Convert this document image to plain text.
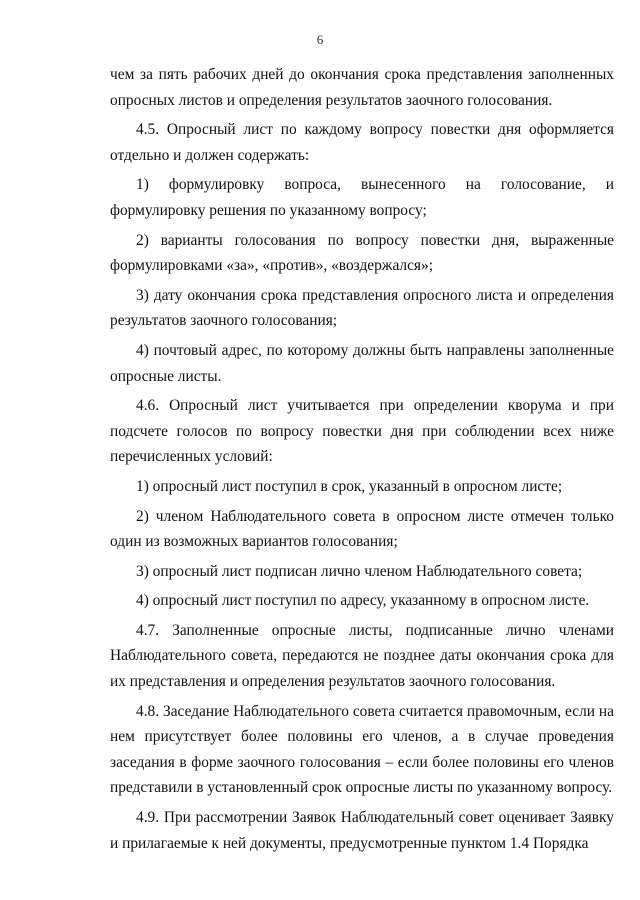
6

чем за пять рабочих дней до окончания срока представления заполненных опросных листов и определения результатов заочного голосования.

4.5. Опросный лист по каждому вопросу повестки дня оформляется отдельно и должен содержать:

1) формулировку вопроса, вынесенного на голосование, и формулировку решения по указанному вопросу;

2) варианты голосования по вопросу повестки дня, выраженные формулировками «за», «против», «воздержался»;

3) дату окончания срока представления опросного листа и определения результатов заочного голосования;

4) почтовый адрес, по которому должны быть направлены заполненные опросные листы.

4.6. Опросный лист учитывается при определении кворума и при подсчете голосов по вопросу повестки дня при соблюдении всех ниже перечисленных условий:

1) опросный лист поступил в срок, указанный в опросном листе;

2) членом Наблюдательного совета в опросном листе отмечен только один из возможных вариантов голосования;

3) опросный лист подписан лично членом Наблюдательного совета;

4) опросный лист поступил по адресу, указанному в опросном листе.

4.7. Заполненные опросные листы, подписанные лично членами Наблюдательного совета, передаются не позднее даты окончания срока для их представления и определения результатов заочного голосования.

4.8. Заседание Наблюдательного совета считается правомочным, если на нем присутствует более половины его членов, а в случае проведения заседания в форме заочного голосования – если более половины его членов представили в установленный срок опросные листы по указанному вопросу.

4.9. При рассмотрении Заявок Наблюдательный совет оценивает Заявку и прилагаемые к ней документы, предусмотренные пунктом 1.4 Порядка
